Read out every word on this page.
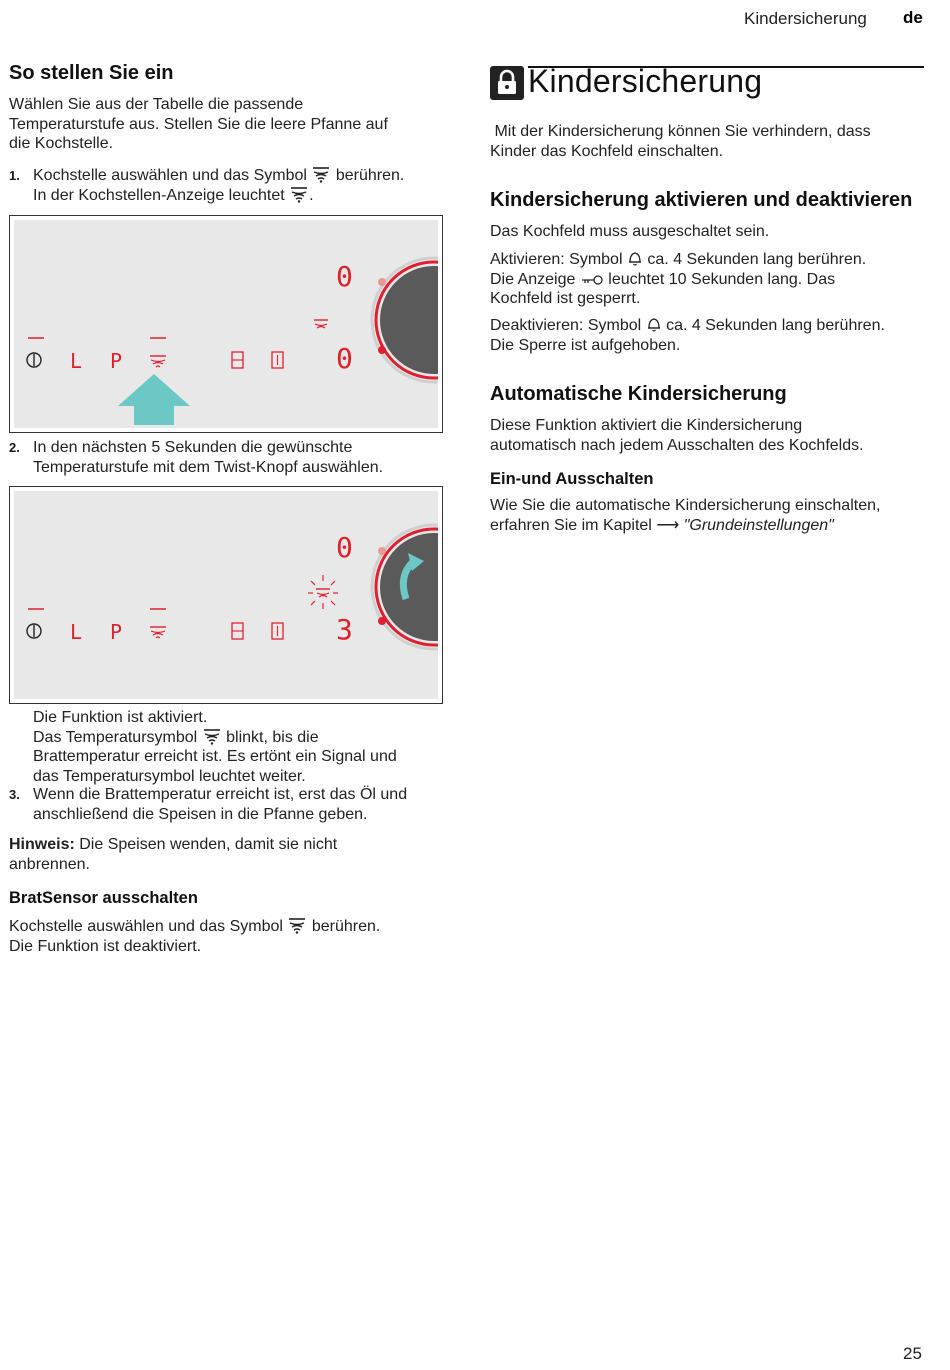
Kindersicherung de
So stellen Sie ein

Wählen Sie aus der Tabelle die passende
Temperaturstufe aus. Stellen Sie die leere Pfanne auf
die Kochstelle.

1. Kochstelle auswählen und das Symbol berühren.
In der Kochstellen-Anzeige leuchtet .

0
0
L P
2. In den nächsten 5 Sekunden die gewünschte
Temperaturstufe mit dem Twist-Knopf auswählen.

0
3
L P

Die Funktion ist aktiviert.
Das Temperatursymbol blinkt, bis die
Brattemperatur erreicht ist. Es ertönt ein Signal und
das Temperatursymbol leuchtet weiter.

3. Wenn die Brattemperatur erreicht ist, erst das Öl und
anschließend die Speisen in die Pfanne geben.

Hinweis: Die Speisen wenden, damit sie nicht
anbrennen.

BratSensor ausschalten

Kochstelle auswählen und das Symbol berühren.
Die Funktion ist deaktiviert.

Kindersicherung

Mit der Kindersicherung können Sie verhindern, dass
Kinder das Kochfeld einschalten.

Kindersicherung aktivieren und deaktivieren

Das Kochfeld muss ausgeschaltet sein.

Aktivieren: Symbol ca. 4 Sekunden lang berühren.
Die Anzeige leuchtet 10 Sekunden lang. Das
Kochfeld ist gesperrt.

Deaktivieren: Symbol ca. 4 Sekunden lang berühren.
Die Sperre ist aufgehoben.

Automatische Kindersicherung

Diese Funktion aktiviert die Kindersicherung
automatisch nach jedem Ausschalten des Kochfelds.

Ein-und Ausschalten

Wie Sie die automatische Kindersicherung einschalten,
erfahren Sie im Kapitel ⟶ "Grundeinstellungen"

25
